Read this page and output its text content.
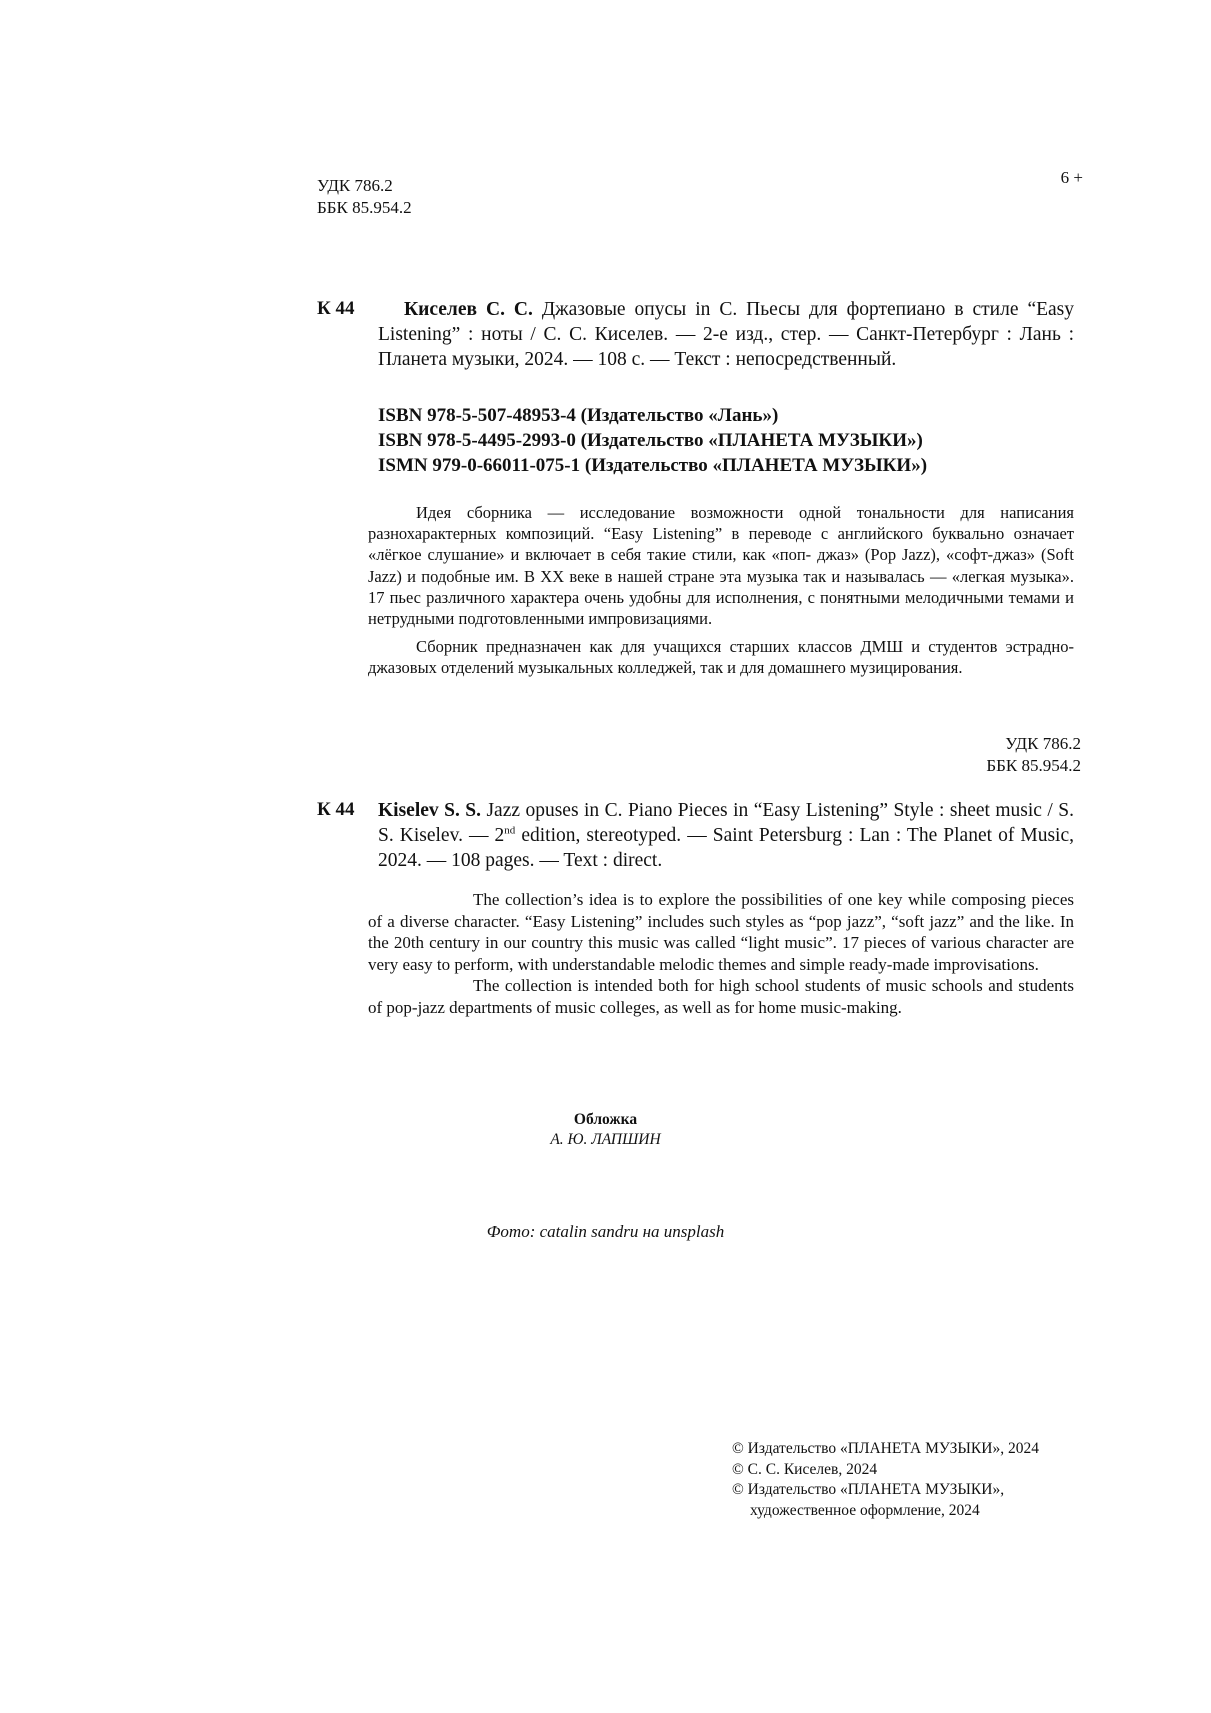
УДК 786.2
ББК 85.954.2
6 +
К 44	Киселев С. С. Джазовые опусы in C. Пьесы для фортепиано в стиле “Easy Listening” : ноты / С. С. Киселев. — 2-е изд., стер. — Санкт-Петербург : Лань : Планета музыки, 2024. — 108 с. — Текст : непосредственный.
ISBN 978-5-507-48953-4 (Издательство «Лань»)
ISBN 978-5-4495-2993-0 (Издательство «ПЛАНЕТА МУЗЫКИ»)
ISMN 979-0-66011-075-1 (Издательство «ПЛАНЕТА МУЗЫКИ»)

Идея сборника — исследование возможности одной тональности для написания разнохарактерных композиций. “Easy Listening” в переводе с английского буквально означает «лёгкое слушание» и включает в себя такие стили, как «поп- джаз» (Pop Jazz), «софт-джаз» (Soft Jazz) и подобные им. В XX веке в нашей стране эта музыка так и называлась — «легкая музыка». 17 пьес различного характера очень удобны для исполнения, с понятными мелодичными темами и нетрудными подготовленными импровизациями.

Сборник предназначен как для учащихся старших классов ДМШ и студентов эстрадно-джазовых отделений музыкальных колледжей, так и для домашнего музицирования.

УДК 786.2
ББК 85.954.2
К 44 Kiselev S. S. Jazz opuses in C. Piano Pieces in “Easy Listening” Style : sheet music / S. S. Kiselev. — 2nd edition, stereotyped. — Saint Petersburg : Lan : The Planet of Music, 2024. — 108 pages. — Text : direct.

The collection’s idea is to explore the possibilities of one key while composing pieces of a diverse character. “Easy Listening” includes such styles as “pop jazz”, “soft jazz” and the like. In the 20th century in our country this music was called “light music”. 17 pieces of various character are very easy to perform, with understandable melodic themes and simple ready-made improvisations.

The collection is intended both for high school students of music schools and students of pop-jazz departments of music colleges, as well as for home music-making.

Обложка
А. Ю. ЛАПШИН
Фото: catalin sandru на unsplash
© Издательство «ПЛАНЕТА МУЗЫКИ», 2024
© С. С. Киселев, 2024
© Издательство «ПЛАНЕТА МУЗЫКИ»,
художественное оформление, 2024
